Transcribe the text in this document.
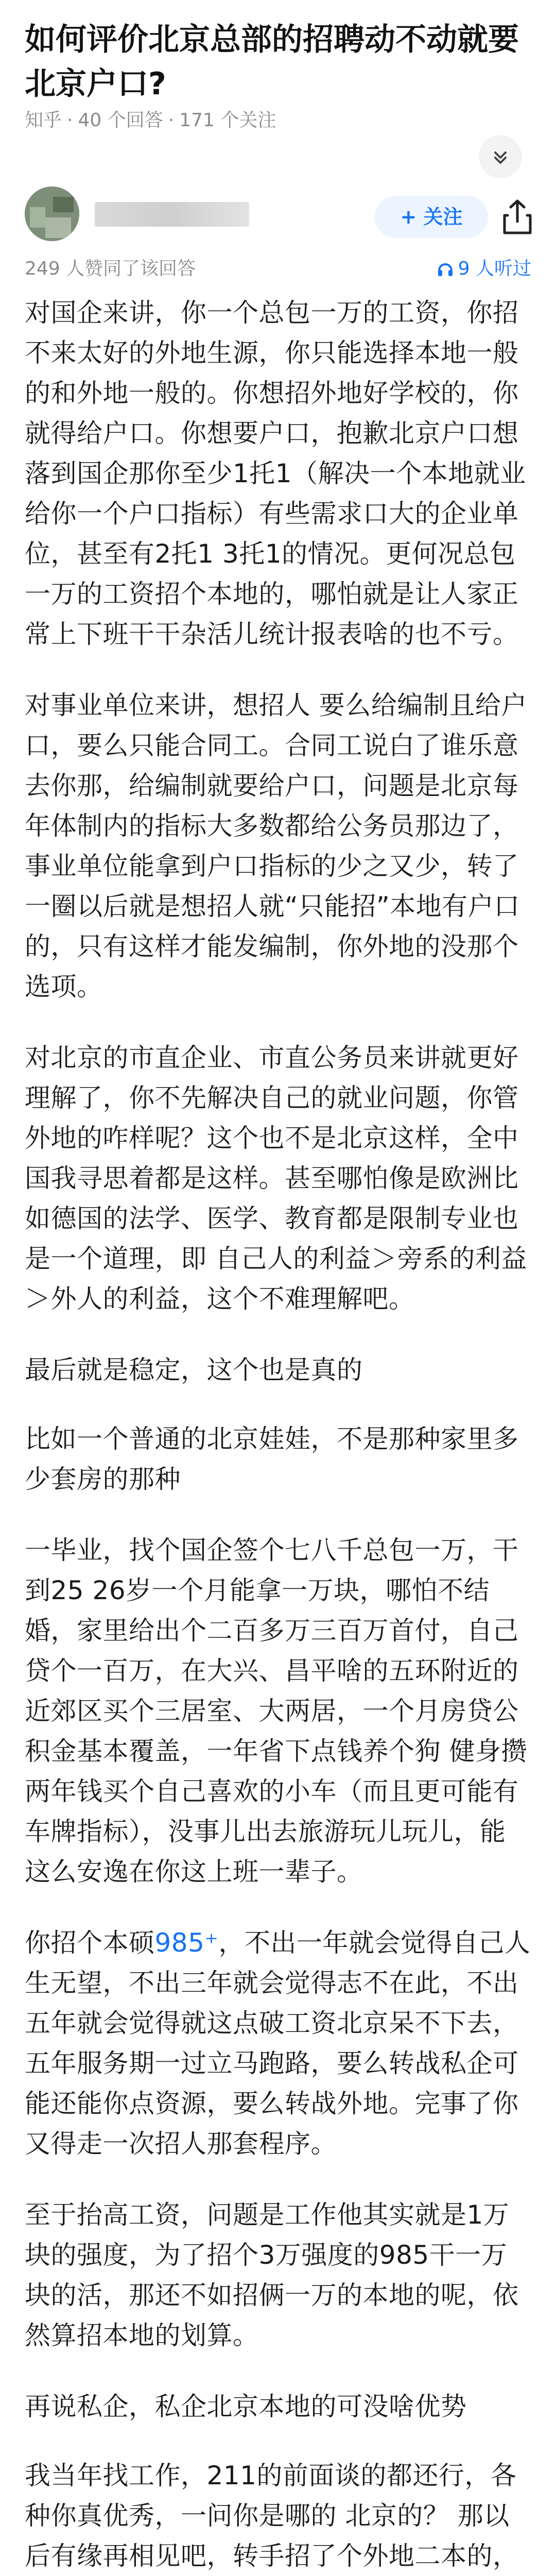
如何评价北京总部的招聘动不动就要北京户口?
知乎 · 40 个回答 · 171 个关注
+ 关注
249 人赞同了该回答	9 人听过

对国企来讲，你一个总包一万的工资，你招不来太好的外地生源，你只能选择本地一般的和外地一般的。你想招外地好学校的，你就得给户口。你想要户口，抱歉北京户口想落到国企那你至少1托1（解决一个本地就业给你一个户口指标）有些需求口大的企业单位，甚至有2托1 3托1的情况。更何况总包一万的工资招个本地的，哪怕就是让人家正常上下班干干杂活儿统计报表啥的也不亏。

对事业单位来讲，想招人 要么给编制且给户口，要么只能合同工。合同工说白了谁乐意去你那，给编制就要给户口，问题是北京每年体制内的指标大多数都给公务员那边了，事业单位能拿到户口指标的少之又少，转了一圈以后就是想招人就“只能招”本地有户口的，只有这样才能发编制，你外地的没那个选项。

对北京的市直企业、市直公务员来讲就更好理解了，你不先解决自己的就业问题，你管外地的咋样呢？这个也不是北京这样，全中国我寻思着都是这样。甚至哪怕像是欧洲比如德国的法学、医学、教育都是限制专业也是一个道理，即 自己人的利益＞旁系的利益＞外人的利益，这个不难理解吧。

最后就是稳定，这个也是真的

比如一个普通的北京娃娃，不是那种家里多少套房的那种

一毕业，找个国企签个七八千总包一万，干到25 26岁一个月能拿一万块，哪怕不结婚，家里给出个二百多万三百万首付，自己贷个一百万，在大兴、昌平啥的五环附近的近郊区买个三居室、大两居，一个月房贷公积金基本覆盖，一年省下点钱养个狗 健身攒两年钱买个自己喜欢的小车（而且更可能有车牌指标），没事儿出去旅游玩儿玩儿，能这么安逸在你这上班一辈子。

你招个本硕985⁺，不出一年就会觉得自己人生无望，不出三年就会觉得志不在此，不出五年就会觉得就这点破工资北京呆不下去，五年服务期一过立马跑路，要么转战私企可能还能你点资源，要么转战外地。完事了你又得走一次招人那套程序。

至于抬高工资，问题是工作他其实就是1万块的强度，为了招个3万强度的985干一万块的活，那还不如招俩一万的本地的呢，依然算招本地的划算。

再说私企，私企北京本地的可没啥优势

我当年找工作，211的前面谈的都还行，各种你真优秀，一问你是哪的 北京的？ 那以后有缘再相见吧，转手招了个外地二本的，
